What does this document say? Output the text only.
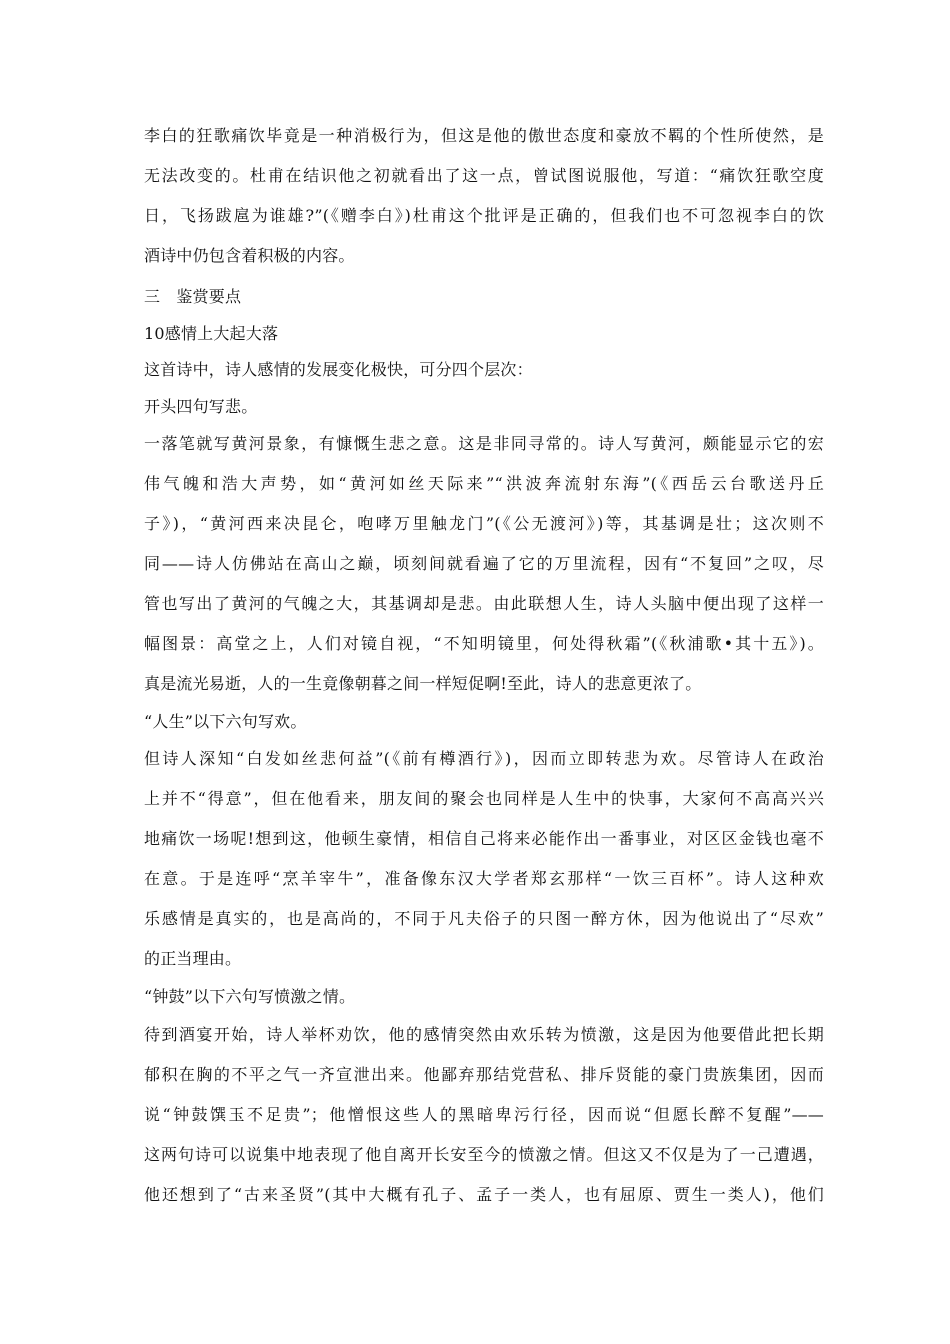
李白的狂歌痛饮毕竟是一种消极行为，但这是他的傲世态度和豪放不羁的个性所使然，是
无法改变的。杜甫在结识他之初就看出了这一点，曾试图说服他，写道：“痛饮狂歌空度
日，飞扬跋扈为谁雄?”(《赠李白》)杜甫这个批评是正确的，但我们也不可忽视李白的饮
酒诗中仍包含着积极的内容。
三　鉴赏要点
10感情上大起大落
这首诗中，诗人感情的发展变化极快，可分四个层次：
开头四句写悲。
一落笔就写黄河景象，有慷慨生悲之意。这是非同寻常的。诗人写黄河，颇能显示它的宏
伟气魄和浩大声势，如“黄河如丝天际来”“洪波奔流射东海”(《西岳云台歌送丹丘
子》)，“黄河西来决昆仑，咆哮万里触龙门”(《公无渡河》)等，其基调是壮；这次则不
同——诗人仿佛站在高山之巅，顷刻间就看遍了它的万里流程，因有“不复回”之叹，尽
管也写出了黄河的气魄之大，其基调却是悲。由此联想人生，诗人头脑中便出现了这样一
幅图景：高堂之上，人们对镜自视，“不知明镜里，何处得秋霜”(《秋浦歌•其十五》)。
真是流光易逝，人的一生竟像朝暮之间一样短促啊!至此，诗人的悲意更浓了。
“人生”以下六句写欢。
但诗人深知“白发如丝悲何益”(《前有樽酒行》)，因而立即转悲为欢。尽管诗人在政治
上并不“得意”，但在他看来，朋友间的聚会也同样是人生中的快事，大家何不高高兴兴
地痛饮一场呢!想到这，他顿生豪情，相信自己将来必能作出一番事业，对区区金钱也毫不
在意。于是连呼“烹羊宰牛”，准备像东汉大学者郑玄那样“一饮三百杯”。诗人这种欢
乐感情是真实的，也是高尚的，不同于凡夫俗子的只图一醉方休，因为他说出了“尽欢”
的正当理由。
“钟鼓”以下六句写愤激之情。
待到酒宴开始，诗人举杯劝饮，他的感情突然由欢乐转为愤激，这是因为他要借此把长期
郁积在胸的不平之气一齐宣泄出来。他鄙弃那结党营私、排斥贤能的豪门贵族集团，因而
说“钟鼓馔玉不足贵”；他憎恨这些人的黑暗卑污行径，因而说“但愿长醉不复醒”——
这两句诗可以说集中地表现了他自离开长安至今的愤激之情。但这又不仅是为了一己遭遇，
他还想到了“古来圣贤”(其中大概有孔子、孟子一类人，也有屈原、贾生一类人)，他们
